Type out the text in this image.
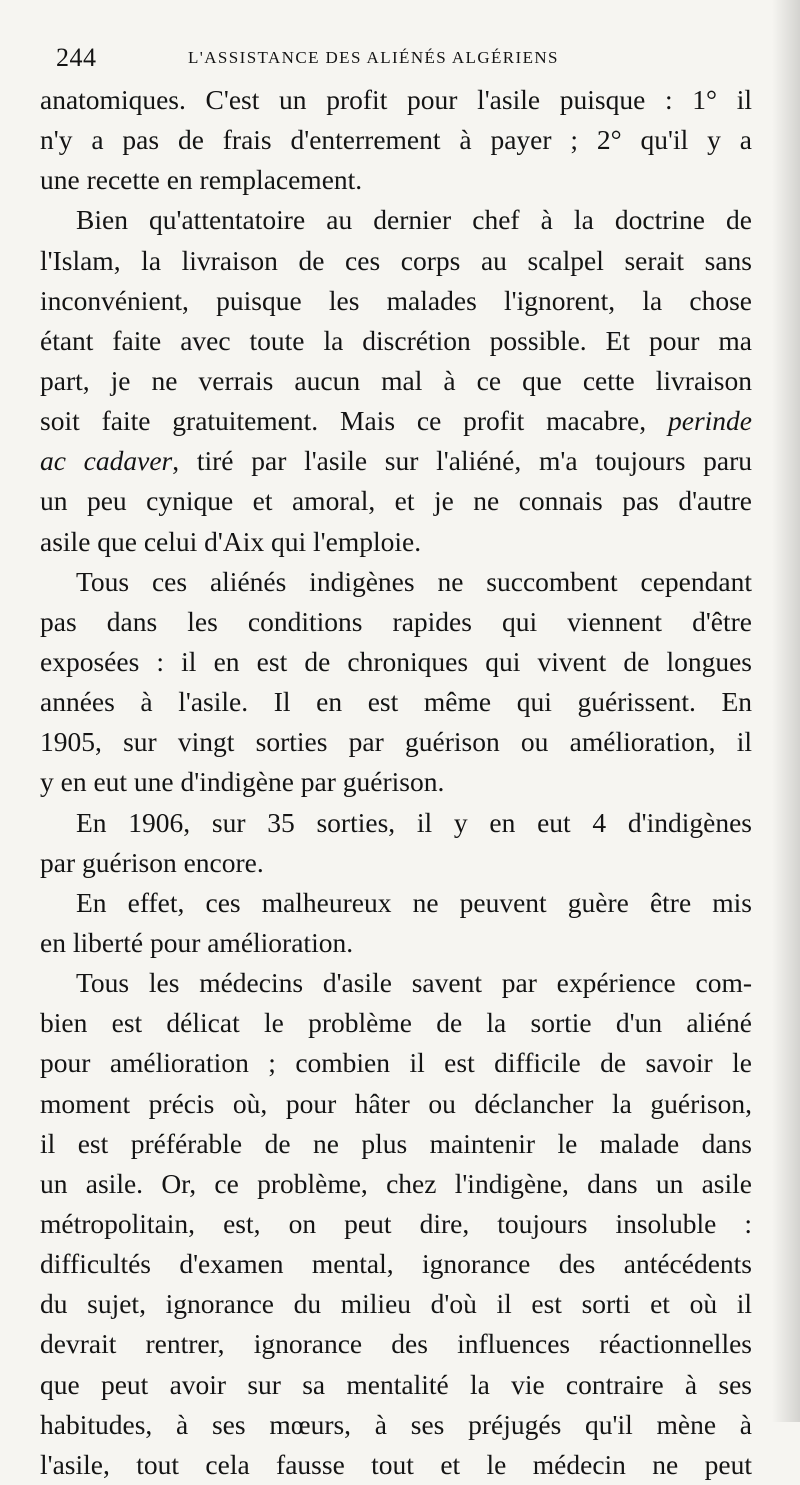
244	L'ASSISTANCE DES ALIÉNÉS ALGÉRIENS
anatomiques. C'est un profit pour l'asile puisque : 1° il
n'y a pas de frais d'enterrement à payer ; 2° qu'il y a
une recette en remplacement.
Bien qu'attentatoire au dernier chef à la doctrine de
l'Islam, la livraison de ces corps au scalpel serait sans
inconvénient, puisque les malades l'ignorent, la chose
étant faite avec toute la discrétion possible. Et pour ma
part, je ne verrais aucun mal à ce que cette livraison
soit faite gratuitement. Mais ce profit macabre, perinde
ac cadaver, tiré par l'asile sur l'aliéné, m'a toujours paru
un peu cynique et amoral, et je ne connais pas d'autre
asile que celui d'Aix qui l'emploie.
Tous ces aliénés indigènes ne succombent cependant
pas dans les conditions rapides qui viennent d'être
exposées : il en est de chroniques qui vivent de longues
années à l'asile. Il en est même qui guérissent. En
1905, sur vingt sorties par guérison ou amélioration, il
y en eut une d'indigène par guérison.
En 1906, sur 35 sorties, il y en eut 4 d'indigènes
par guérison encore.
En effet, ces malheureux ne peuvent guère être mis
en liberté pour amélioration.
Tous les médecins d'asile savent par expérience com-
bien est délicat le problème de la sortie d'un aliéné
pour amélioration ; combien il est difficile de savoir le
moment précis où, pour hâter ou déclancher la guérison,
il est préférable de ne plus maintenir le malade dans
un asile. Or, ce problème, chez l'indigène, dans un asile
métropolitain, est, on peut dire, toujours insoluble :
difficultés d'examen mental, ignorance des antécédents
du sujet, ignorance du milieu d'où il est sorti et où il
devrait rentrer, ignorance des influences réactionnelles
que peut avoir sur sa mentalité la vie contraire à ses
habitudes, à ses mœurs, à ses préjugés qu'il mène à
l'asile, tout cela fausse tout et le médecin ne peut
